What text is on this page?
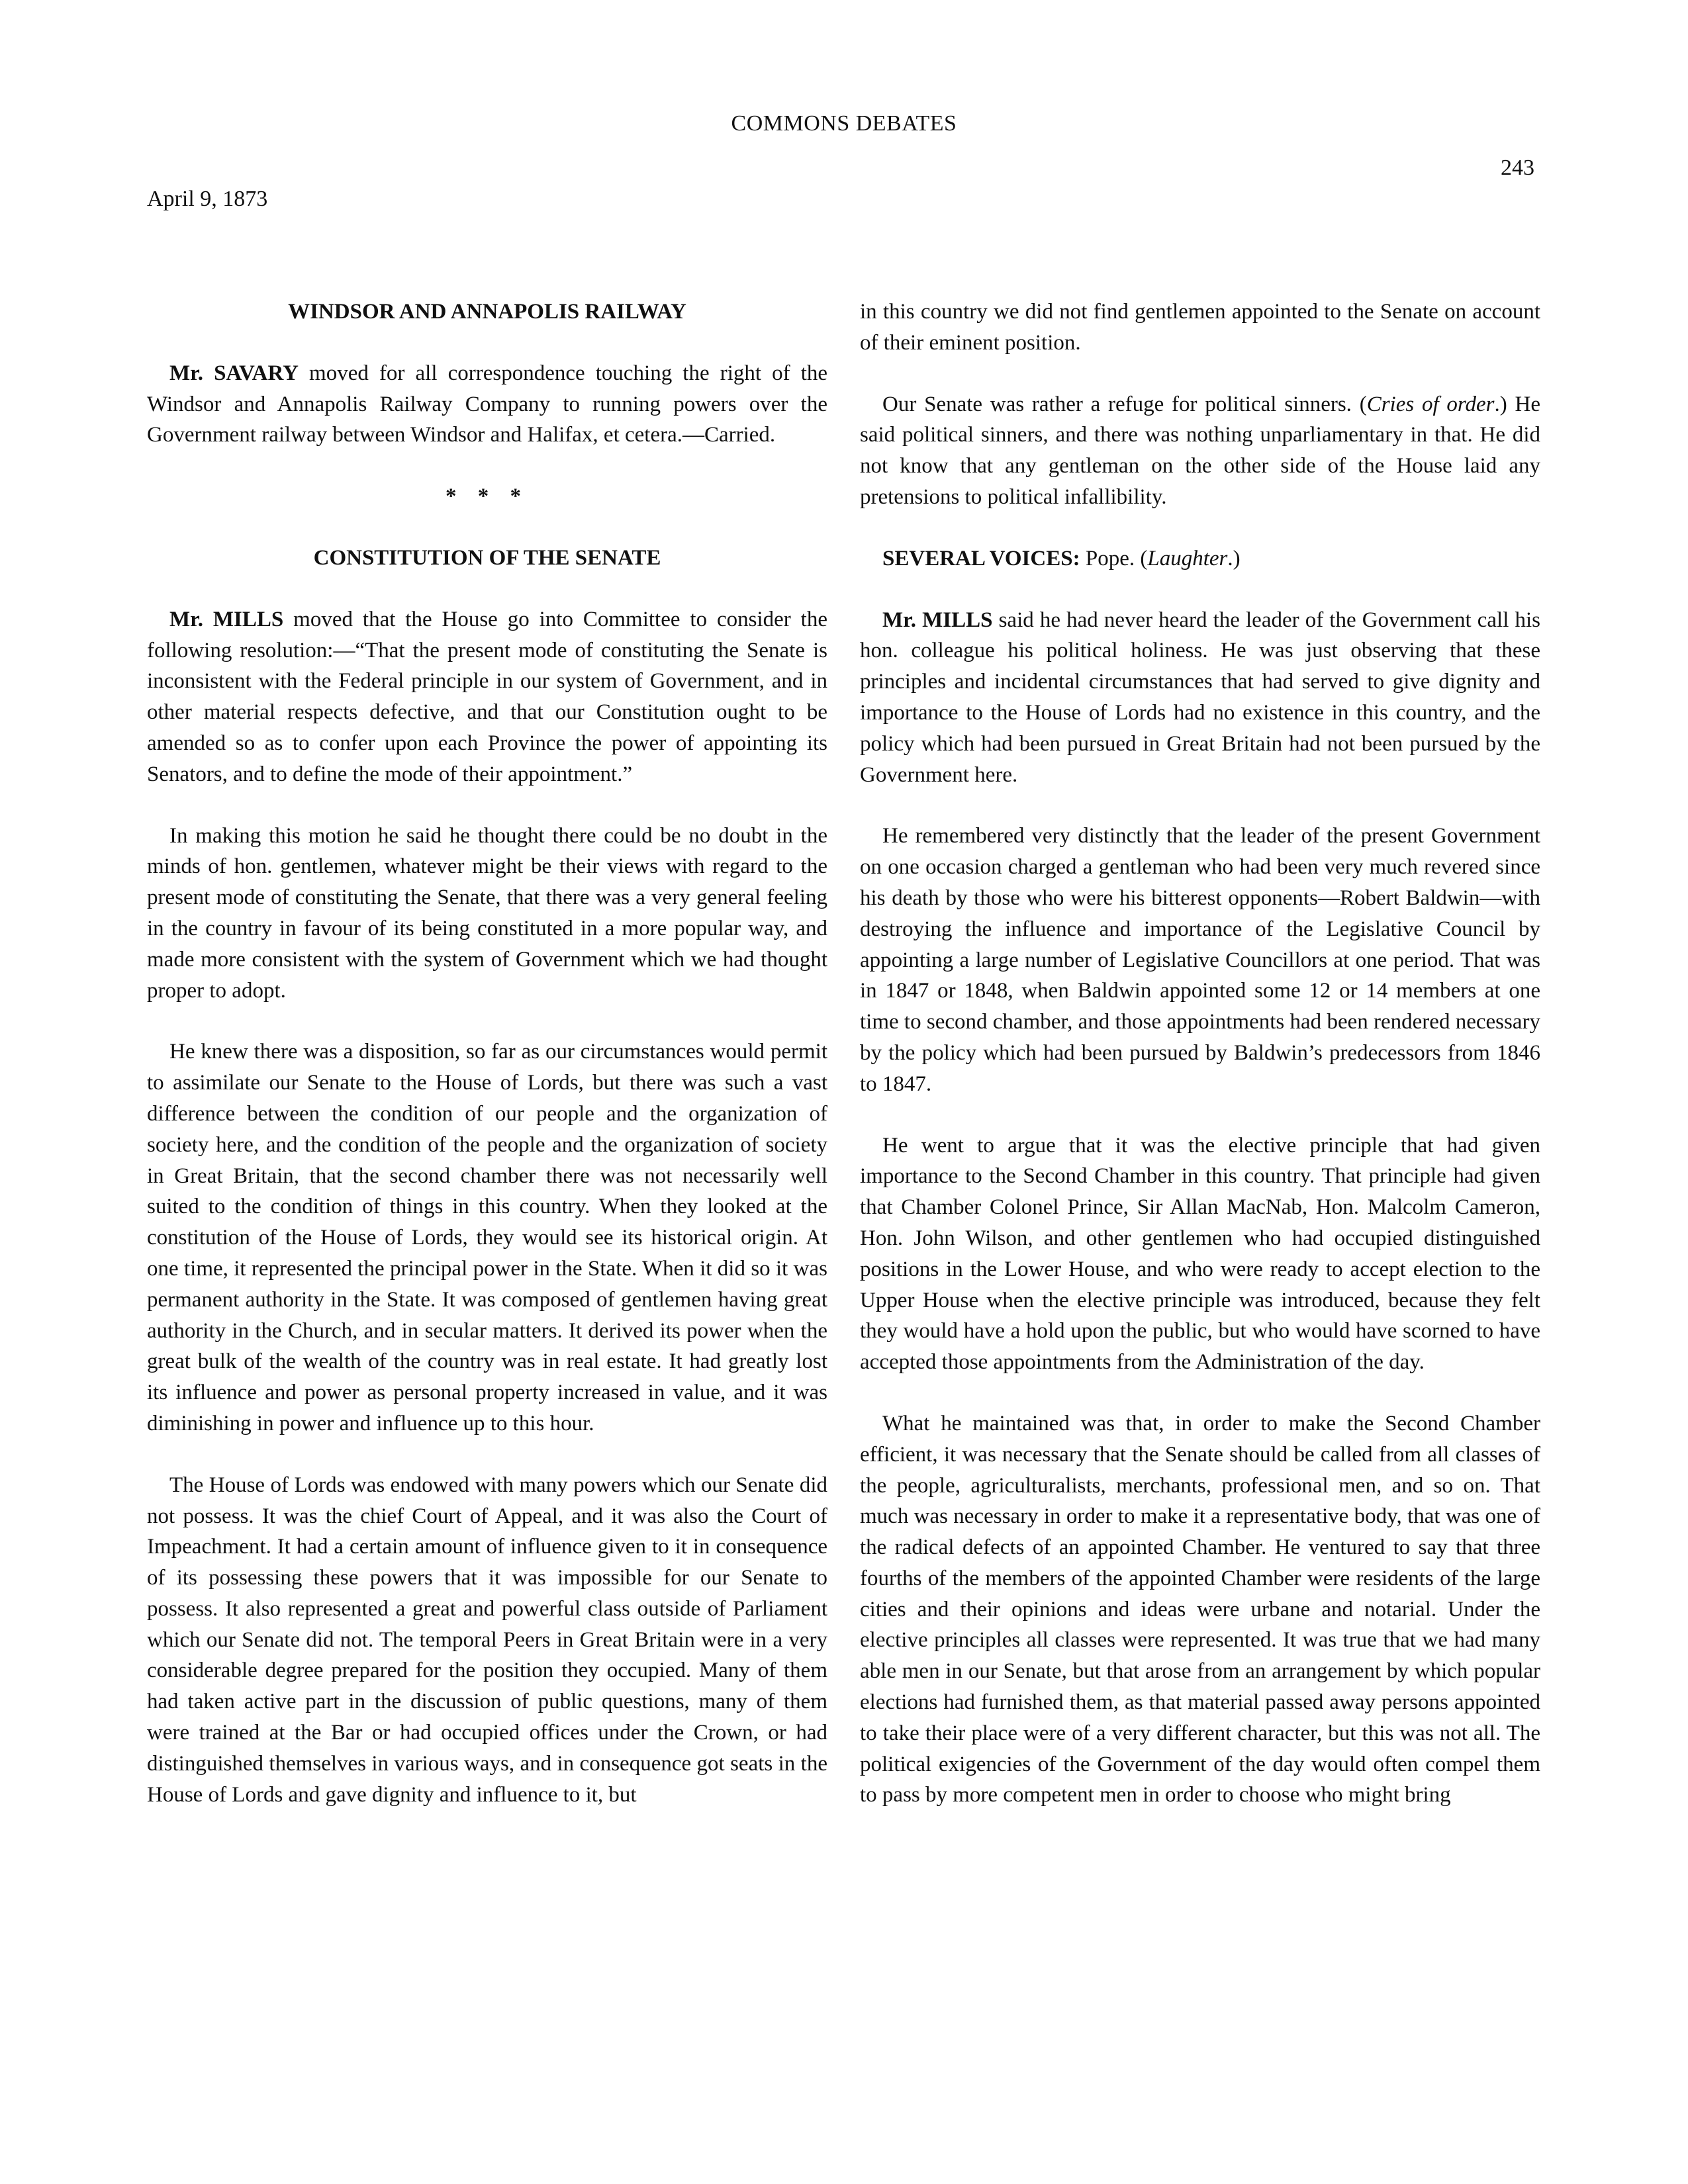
COMMONS DEBATES
243
April 9, 1873
WINDSOR AND ANNAPOLIS RAILWAY

Mr. SAVARY moved for all correspondence touching the right of the Windsor and Annapolis Railway Company to running powers over the Government railway between Windsor and Halifax, et cetera.—Carried.

* * *
CONSTITUTION OF THE SENATE

Mr. MILLS moved that the House go into Committee to consider the following resolution:—“That the present mode of constituting the Senate is inconsistent with the Federal principle in our system of Government, and in other material respects defective, and that our Constitution ought to be amended so as to confer upon each Province the power of appointing its Senators, and to define the mode of their appointment.”

In making this motion he said he thought there could be no doubt in the minds of hon. gentlemen, whatever might be their views with regard to the present mode of constituting the Senate, that there was a very general feeling in the country in favour of its being constituted in a more popular way, and made more consistent with the system of Government which we had thought proper to adopt.

He knew there was a disposition, so far as our circumstances would permit to assimilate our Senate to the House of Lords, but there was such a vast difference between the condition of our people and the organization of society here, and the condition of the people and the organization of society in Great Britain, that the second chamber there was not necessarily well suited to the condition of things in this country. When they looked at the constitution of the House of Lords, they would see its historical origin. At one time, it represented the principal power in the State. When it did so it was permanent authority in the State. It was composed of gentlemen having great authority in the Church, and in secular matters. It derived its power when the great bulk of the wealth of the country was in real estate. It had greatly lost its influence and power as personal property increased in value, and it was diminishing in power and influence up to this hour.

The House of Lords was endowed with many powers which our Senate did not possess. It was the chief Court of Appeal, and it was also the Court of Impeachment. It had a certain amount of influence given to it in consequence of its possessing these powers that it was impossible for our Senate to possess. It also represented a great and powerful class outside of Parliament which our Senate did not. The temporal Peers in Great Britain were in a very considerable degree prepared for the position they occupied. Many of them had taken active part in the discussion of public questions, many of them were trained at the Bar or had occupied offices under the Crown, or had distinguished themselves in various ways, and in consequence got seats in the House of Lords and gave dignity and influence to it, but

in this country we did not find gentlemen appointed to the Senate on account of their eminent position.

Our Senate was rather a refuge for political sinners. (Cries of order.) He said political sinners, and there was nothing unparliamentary in that. He did not know that any gentleman on the other side of the House laid any pretensions to political infallibility.

SEVERAL VOICES: Pope. (Laughter.)

Mr. MILLS said he had never heard the leader of the Government call his hon. colleague his political holiness. He was just observing that these principles and incidental circumstances that had served to give dignity and importance to the House of Lords had no existence in this country, and the policy which had been pursued in Great Britain had not been pursued by the Government here.

He remembered very distinctly that the leader of the present Government on one occasion charged a gentleman who had been very much revered since his death by those who were his bitterest opponents—Robert Baldwin—with destroying the influence and importance of the Legislative Council by appointing a large number of Legislative Councillors at one period. That was in 1847 or 1848, when Baldwin appointed some 12 or 14 members at one time to second chamber, and those appointments had been rendered necessary by the policy which had been pursued by Baldwin’s predecessors from 1846 to 1847.

He went to argue that it was the elective principle that had given importance to the Second Chamber in this country. That principle had given that Chamber Colonel Prince, Sir Allan MacNab, Hon. Malcolm Cameron, Hon. John Wilson, and other gentlemen who had occupied distinguished positions in the Lower House, and who were ready to accept election to the Upper House when the elective principle was introduced, because they felt they would have a hold upon the public, but who would have scorned to have accepted those appointments from the Administration of the day.

What he maintained was that, in order to make the Second Chamber efficient, it was necessary that the Senate should be called from all classes of the people, agriculturalists, merchants, professional men, and so on. That much was necessary in order to make it a representative body, that was one of the radical defects of an appointed Chamber. He ventured to say that three fourths of the members of the appointed Chamber were residents of the large cities and their opinions and ideas were urbane and notarial. Under the elective principles all classes were represented. It was true that we had many able men in our Senate, but that arose from an arrangement by which popular elections had furnished them, as that material passed away persons appointed to take their place were of a very different character, but this was not all. The political exigencies of the Government of the day would often compel them to pass by more competent men in order to choose who might bring
